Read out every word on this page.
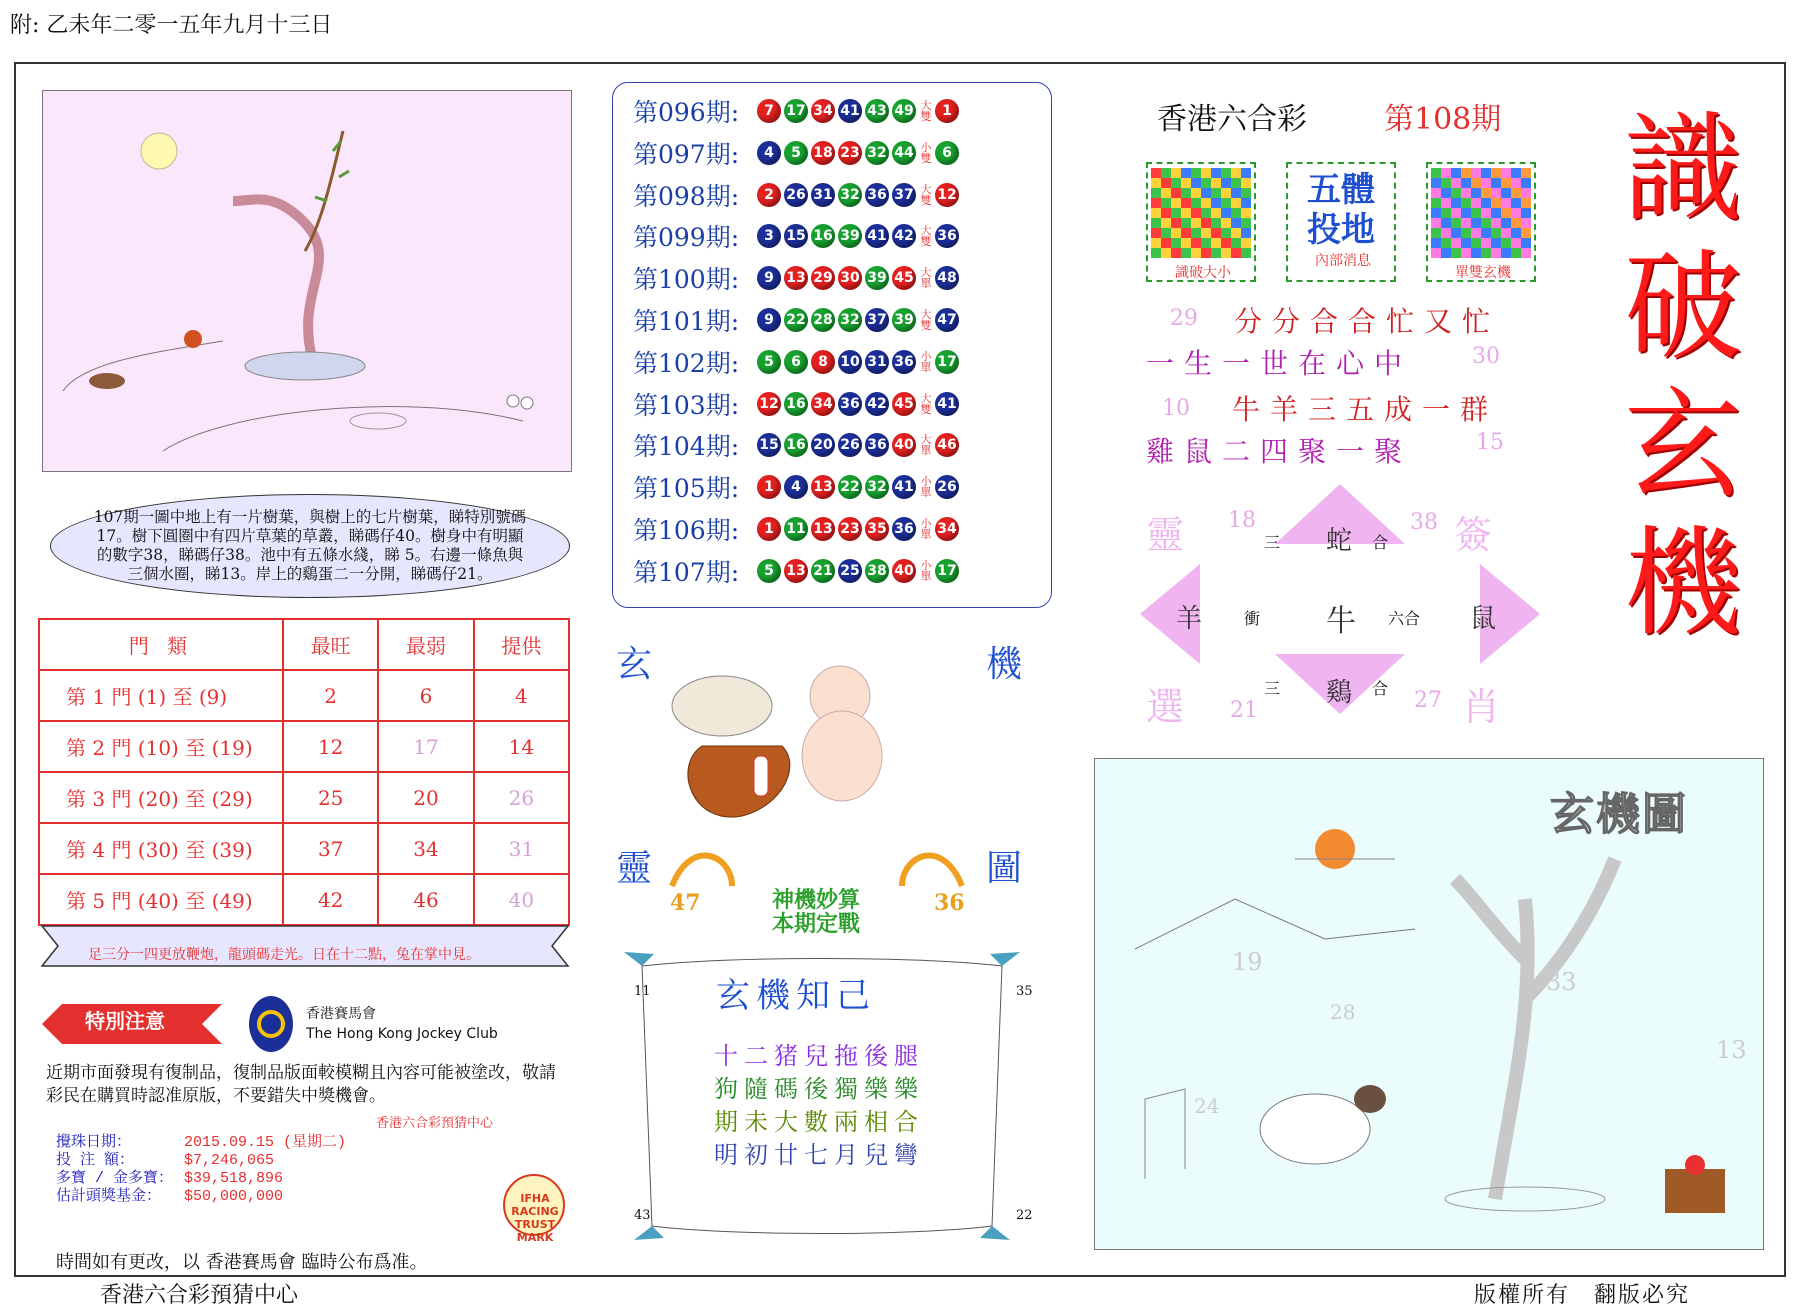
附: 乙未年二零一五年九月十三日
香港六合彩預猜中心	版權所有　翻版必究
107期一圖中地上有一片樹葉，與樹上的七片樹葉，睇特別號碼17。樹下圓圈中有四片草葉的草叢，睇碼仔40。樹身中有明顯的數字38，睇碼仔38。池中有五條水綫，睇 5。右邊一條魚與三個水圈，睇13。岸上的鷄蛋二一分開，睇碼仔21。
門 類	最旺	最弱	提供
第 1 門 (1) 至 (9)	2	6	4
第 2 門 (10) 至 (19)	12	17	14
第 3 門 (20) 至 (29)	25	20	26
第 4 門 (30) 至 (39)	37	34	31
第 5 門 (40) 至 (49)	42	46	40
足三分一四更放鞭炮，龍頭碼走光。日在十二點，兔在掌中見。
特別注意	香港賽馬會
The Hong Kong Jockey Club
近期市面發現有復制品，復制品版面較模糊且內容可能被塗改，敬請彩民在購買時認准原版，不要錯失中獎機會。
香港六合彩預猜中心
攪珠日期：	2015.09.15 (星期二)
投 注 額：	$7,246,065
多寶 / 金多寶： $39,518,896
估計頭獎基金： $50,000,000	IFHA RACING TRUST MARK
時間如有更改，以 香港賽馬會 臨時公布爲准。
第096期:	7 17 34 41 43 49 大雙 1
第097期:	4	5 18 23 32 44 小雙 6
第098期:	2 26 31 32 36 37 大雙 12
第099期:	3 15 16 39 41 42 大雙 36
第100期:	9 13 29 30 39 45 大單 48
第101期:	9 22 28 32 37 39 大雙 47
第102期:	5	6	8 10 31 36 小單 17
第103期:	12 16 34 36 42 45 大雙 41
第104期:	15 16 20 26 36 40 大單 46
第105期:	1	4 13 22 32 41 小單 26
第106期:	1 11 13 23 35 36 小單 34
第107期:	5 13 21 25 38 40 小單 17
玄	機
靈	圖
神機妙算本期定戰
47	36
玄機知己
11	35
43	22
十二猪兒拖後腿
狗隨碼後獨樂樂
期未大數兩相合
明初廿七月兒彎
香港六合彩	第108期 識
破
玄
機
識破大小
五體投地
內部消息
單雙玄機
29 分分合合忙又忙
一生一世在心中	30
10 牛羊三五成一群
雞鼠二四聚一聚	15
靈 18	38 簽
選 21	27 肖
蛇
鷄
羊	鼠
牛
三	合
衝	六合
三	合
玄機圖
19
28
33
24
13
